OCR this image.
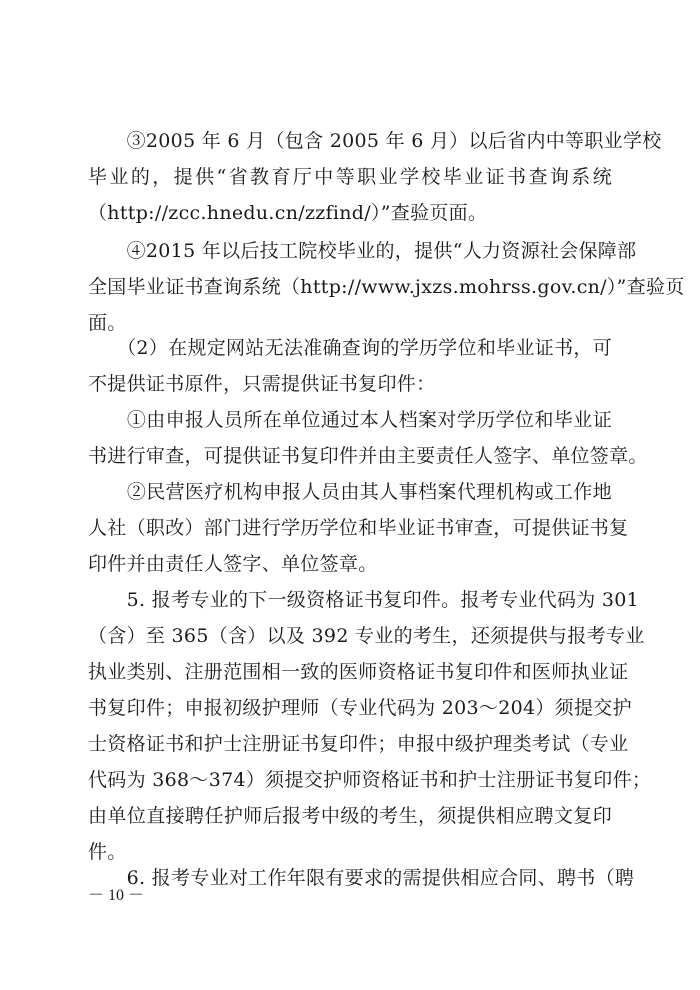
　　③2005 年 6 月（包含 2005 年 6 月）以后省内中等职业学校
毕业的，提供“省教育厅中等职业学校毕业证书查询系统
（http://zcc.hnedu.cn/zzfind/）”查验页面。
　　④2015 年以后技工院校毕业的，提供“人力资源社会保障部
全国毕业证书查询系统（http://www.jxzs.mohrss.gov.cn/）”查验页
面。
　　（2）在规定网站无法准确查询的学历学位和毕业证书，可
不提供证书原件，只需提供证书复印件：
　　①由申报人员所在单位通过本人档案对学历学位和毕业证
书进行审查，可提供证书复印件并由主要责任人签字、单位签章。
　　②民营医疗机构申报人员由其人事档案代理机构或工作地
人社（职改）部门进行学历学位和毕业证书审查，可提供证书复
印件并由责任人签字、单位签章。
　　5. 报考专业的下一级资格证书复印件。报考专业代码为 301
（含）至 365（含）以及 392 专业的考生，还须提供与报考专业
执业类别、注册范围相一致的医师资格证书复印件和医师执业证
书复印件；申报初级护理师（专业代码为 203～204）须提交护
士资格证书和护士注册证书复印件；申报中级护理类考试（专业
代码为 368～374）须提交护师资格证书和护士注册证书复印件；
由单位直接聘任护师后报考中级的考生，须提供相应聘文复印
件。
　　6. 报考专业对工作年限有要求的需提供相应合同、聘书（聘
－ 10 －
